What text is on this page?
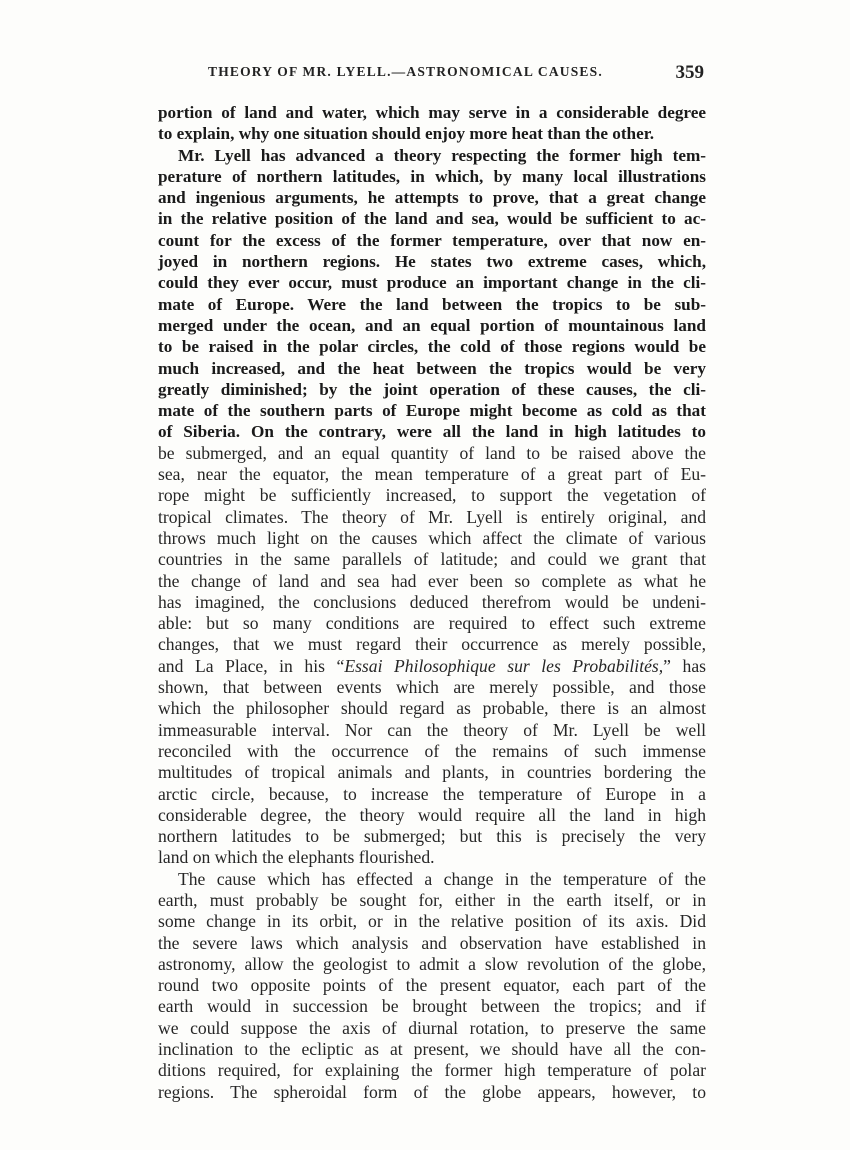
THEORY OF MR. LYELL.—ASTRONOMICAL CAUSES.	359
portion of land and water, which may serve in a considerable degree
to explain, why one situation should enjoy more heat than the other.
Mr. Lyell has advanced a theory respecting the former high tem-
perature of northern latitudes, in which, by many local illustrations
and ingenious arguments, he attempts to prove, that a great change
in the relative position of the land and sea, would be sufficient to ac-
count for the excess of the former temperature, over that now en-
joyed in northern regions. He states two extreme cases, which,
could they ever occur, must produce an important change in the cli-
mate of Europe. Were the land between the tropics to be sub-
merged under the ocean, and an equal portion of mountainous land
to be raised in the polar circles, the cold of those regions would be
much increased, and the heat between the tropics would be very
greatly diminished; by the joint operation of these causes, the cli-
mate of the southern parts of Europe might become as cold as that
of Siberia. On the contrary, were all the land in high latitudes to
be submerged, and an equal quantity of land to be raised above the
sea, near the equator, the mean temperature of a great part of Eu-
rope might be sufficiently increased, to support the vegetation of
tropical climates. The theory of Mr. Lyell is entirely original, and
throws much light on the causes which affect the climate of various
countries in the same parallels of latitude; and could we grant that
the change of land and sea had ever been so complete as what he
has imagined, the conclusions deduced therefrom would be undeni-
able: but so many conditions are required to effect such extreme
changes, that we must regard their occurrence as merely possible,
and La Place, in his “Essai Philosophique sur les Probabilités,” has
shown, that between events which are merely possible, and those
which the philosopher should regard as probable, there is an almost
immeasurable interval. Nor can the theory of Mr. Lyell be well
reconciled with the occurrence of the remains of such immense
multitudes of tropical animals and plants, in countries bordering the
arctic circle, because, to increase the temperature of Europe in a
considerable degree, the theory would require all the land in high
northern latitudes to be submerged; but this is precisely the very
land on which the elephants flourished.
The cause which has effected a change in the temperature of the
earth, must probably be sought for, either in the earth itself, or in
some change in its orbit, or in the relative position of its axis. Did
the severe laws which analysis and observation have established in
astronomy, allow the geologist to admit a slow revolution of the globe,
round two opposite points of the present equator, each part of the
earth would in succession be brought between the tropics; and if
we could suppose the axis of diurnal rotation, to preserve the same
inclination to the ecliptic as at present, we should have all the con-
ditions required, for explaining the former high temperature of polar
regions. The spheroidal form of the globe appears, however, to
